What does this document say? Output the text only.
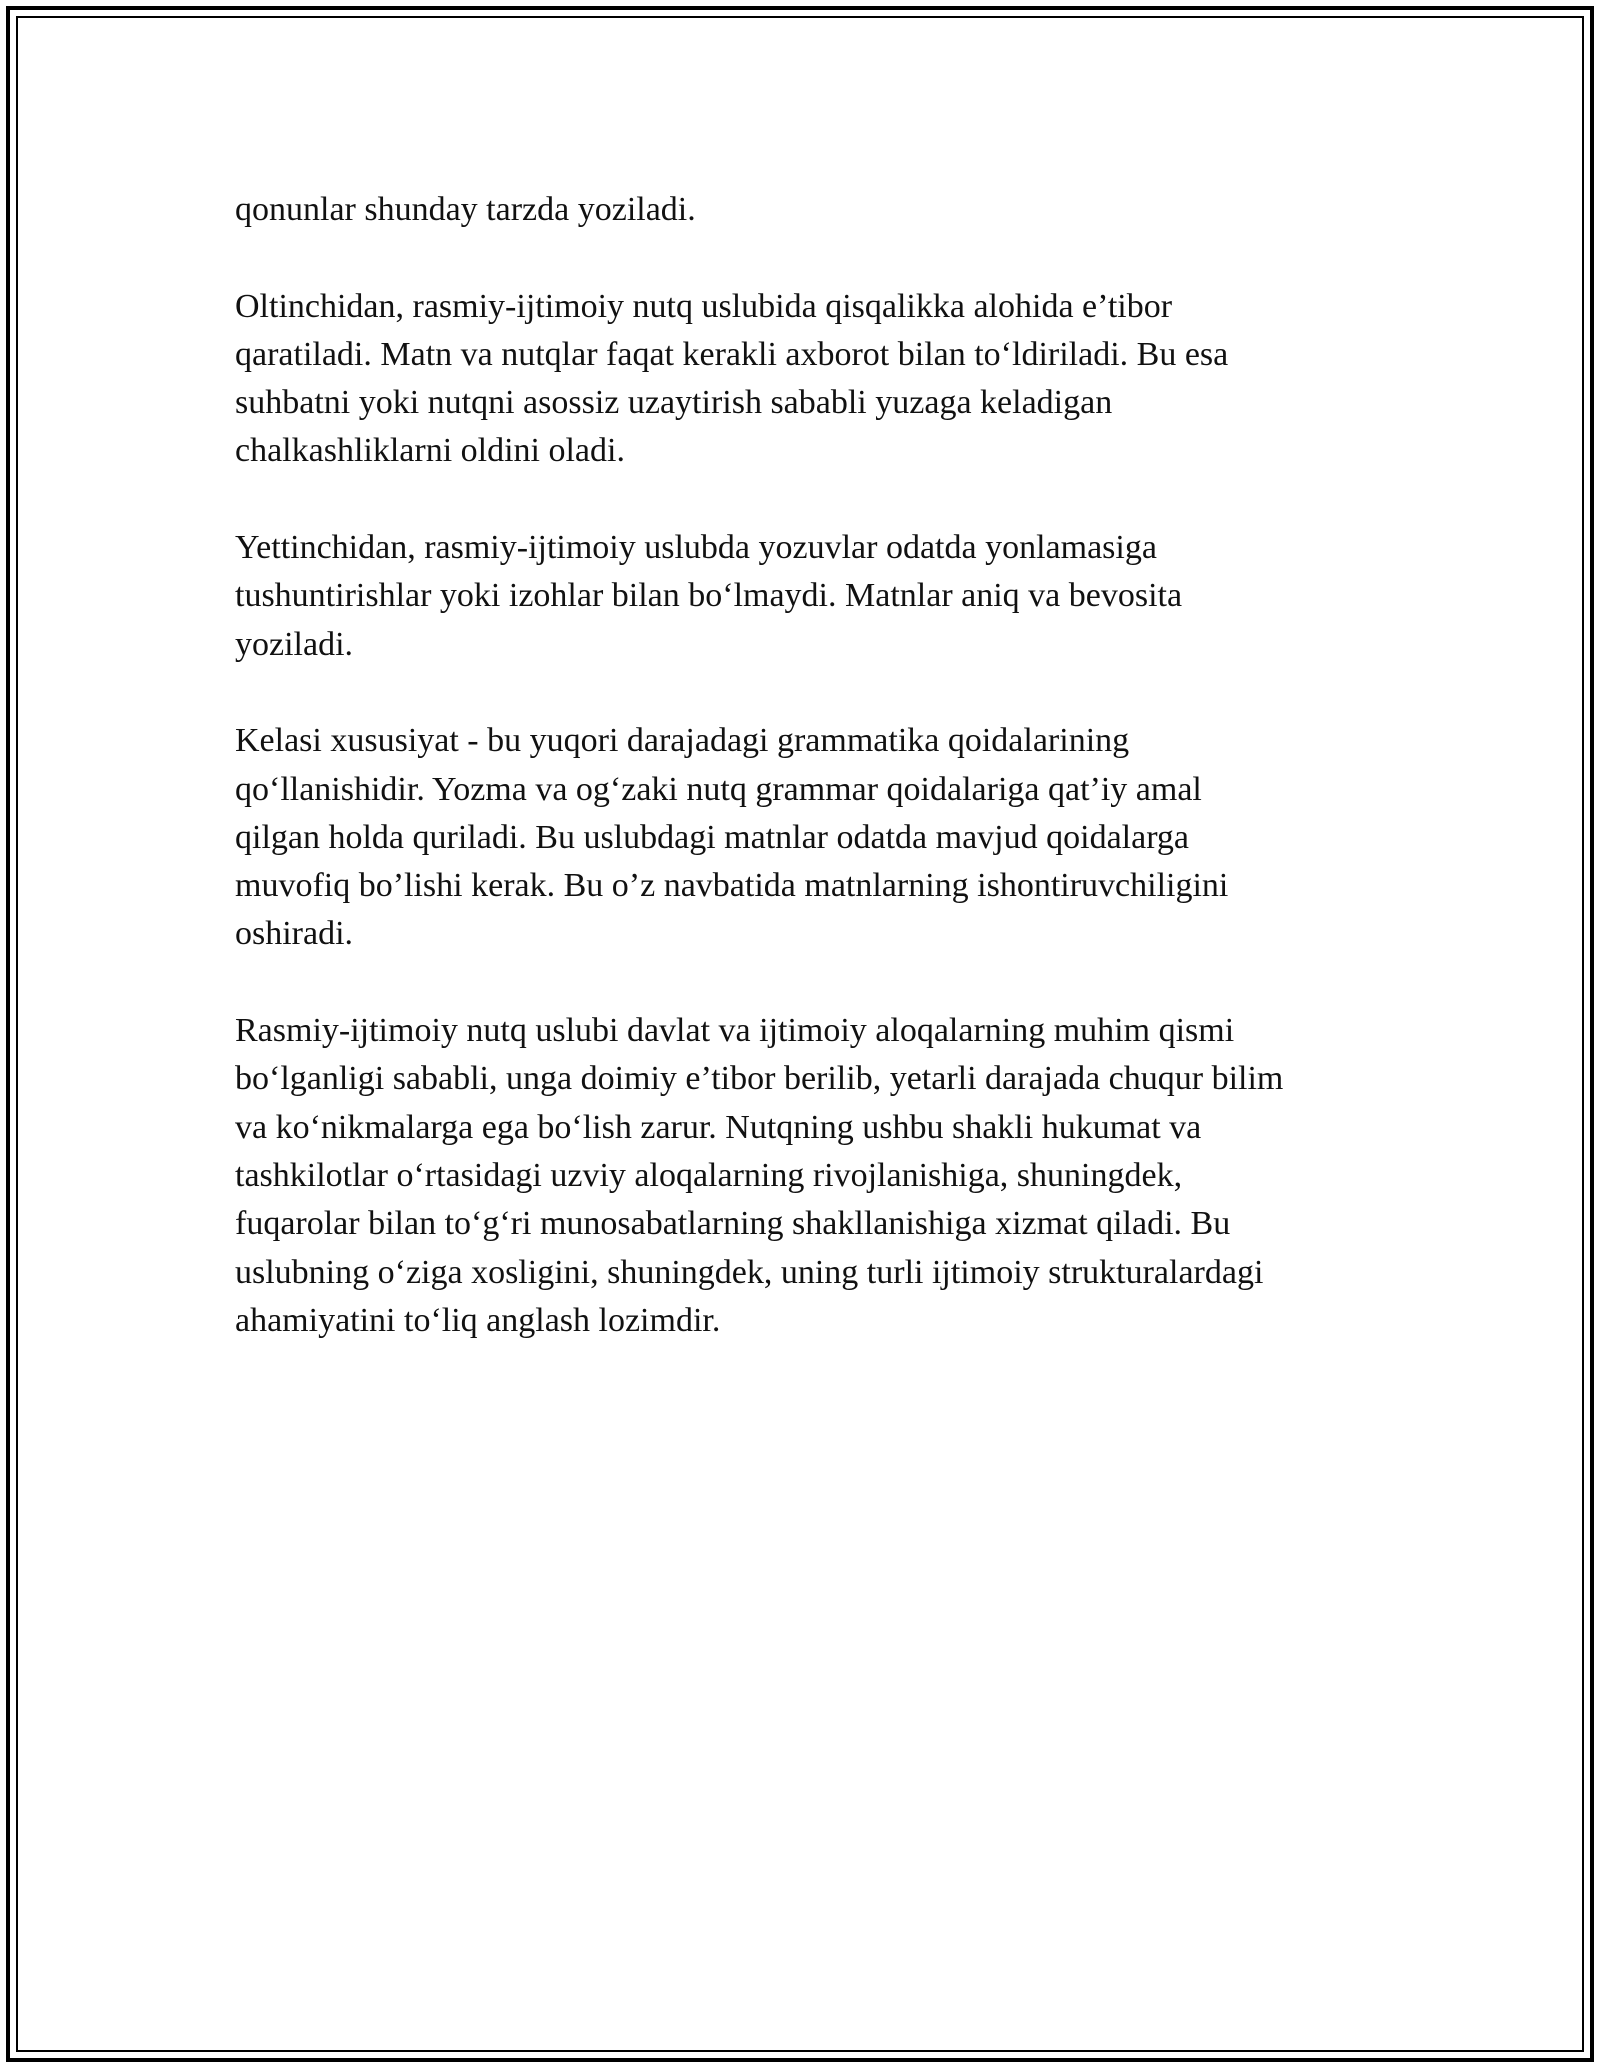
qonunlar shunday tarzda yoziladi.

Oltinchidan, rasmiy-ijtimoiy nutq uslubida qisqalikka alohida e’tibor
qaratiladi. Matn va nutqlar faqat kerakli axborot bilan to‘ldiriladi. Bu esa
suhbatni yoki nutqni asossiz uzaytirish sababli yuzaga keladigan
chalkashliklarni oldini oladi.

Yettinchidan, rasmiy-ijtimoiy uslubda yozuvlar odatda yonlamasiga
tushuntirishlar yoki izohlar bilan bo‘lmaydi. Matnlar aniq va bevosita
yoziladi.

Kelasi xususiyat - bu yuqori darajadagi grammatika qoidalarining
qo‘llanishidir. Yozma va og‘zaki nutq grammar qoidalariga qat’iy amal
qilgan holda quriladi. Bu uslubdagi matnlar odatda mavjud qoidalarga
muvofiq bo’lishi kerak. Bu o’z navbatida matnlarning ishontiruvchiligini
oshiradi.

Rasmiy-ijtimoiy nutq uslubi davlat va ijtimoiy aloqalarning muhim qismi
bo‘lganligi sababli, unga doimiy e’tibor berilib, yetarli darajada chuqur bilim
va ko‘nikmalarga ega bo‘lish zarur. Nutqning ushbu shakli hukumat va
tashkilotlar o‘rtasidagi uzviy aloqalarning rivojlanishiga, shuningdek,
fuqarolar bilan to‘g‘ri munosabatlarning shakllanishiga xizmat qiladi. Bu
uslubning o‘ziga xosligini, shuningdek, uning turli ijtimoiy strukturalardagi
ahamiyatini to‘liq anglash lozimdir.
